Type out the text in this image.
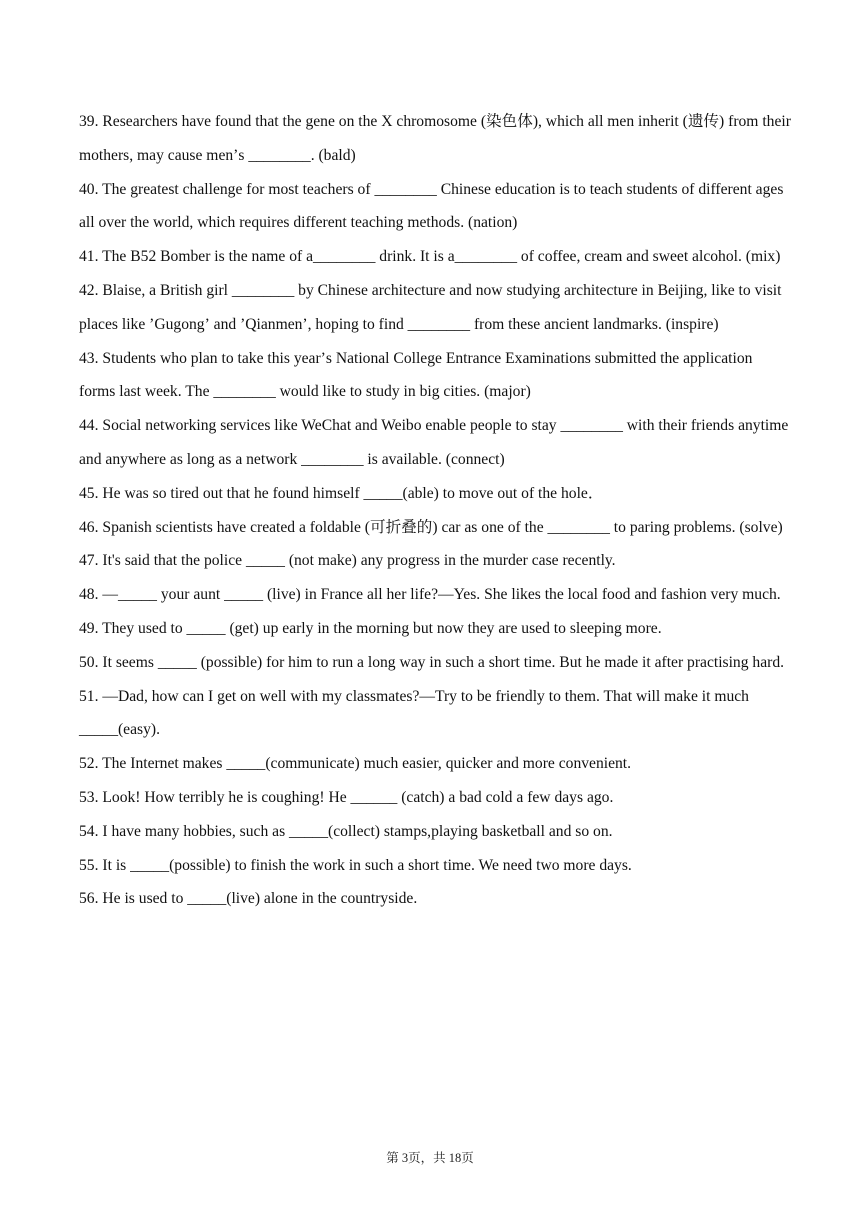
39. Researchers have found that the gene on the X chromosome (染色体), which all men inherit (遗传) from their mothers, may cause menʼs ________. (bald)

40. The greatest challenge for most teachers of ________ Chinese education is to teach students of different ages all over the world, which requires different teaching methods. (nation)

41. The B52 Bomber is the name of a________ drink. It is a________ of coffee, cream and sweet alcohol. (mix)

42. Blaise, a British girl ________ by Chinese architecture and now studying architecture in Beijing, like to visit places like ʼGugongʼ and ʼQianmenʼ, hoping to find ________ from these ancient landmarks. (inspire)

43. Students who plan to take this yearʼs National College Entrance Examinations submitted the application forms last week. The ________ would like to study in big cities. (major)

44. Social networking services like WeChat and Weibo enable people to stay ________ with their friends anytime and anywhere as long as a network ________ is available. (connect)

45. He was so tired out that he found himself _____(able) to move out of the hole．

46. Spanish scientists have created a foldable (可折叠的) car as one of the ________ to paring problems. (solve)

47. It's said that the police _____ (not make) any progress in the murder case recently.

48. —_____ your aunt _____ (live) in France all her life?—Yes. She likes the local food and fashion very much.

49. They used to _____ (get) up early in the morning but now they are used to sleeping more.

50. It seems _____ (possible) for him to run a long way in such a short time. But he made it after practising hard.

51. —Dad, how can I get on well with my classmates?—Try to be friendly to them. That will make it much _____(easy).

52. The Internet makes _____(communicate) much easier, quicker and more convenient.

53. Look! How terribly he is coughing! He ______ (catch) a bad cold a few days ago.

54. I have many hobbies, such as _____(collect) stamps,playing basketball and so on.

55. It is _____(possible) to finish the work in such a short time. We need two more days.

56. He is used to _____(live) alone in the countryside.

第 3页，共 18页
